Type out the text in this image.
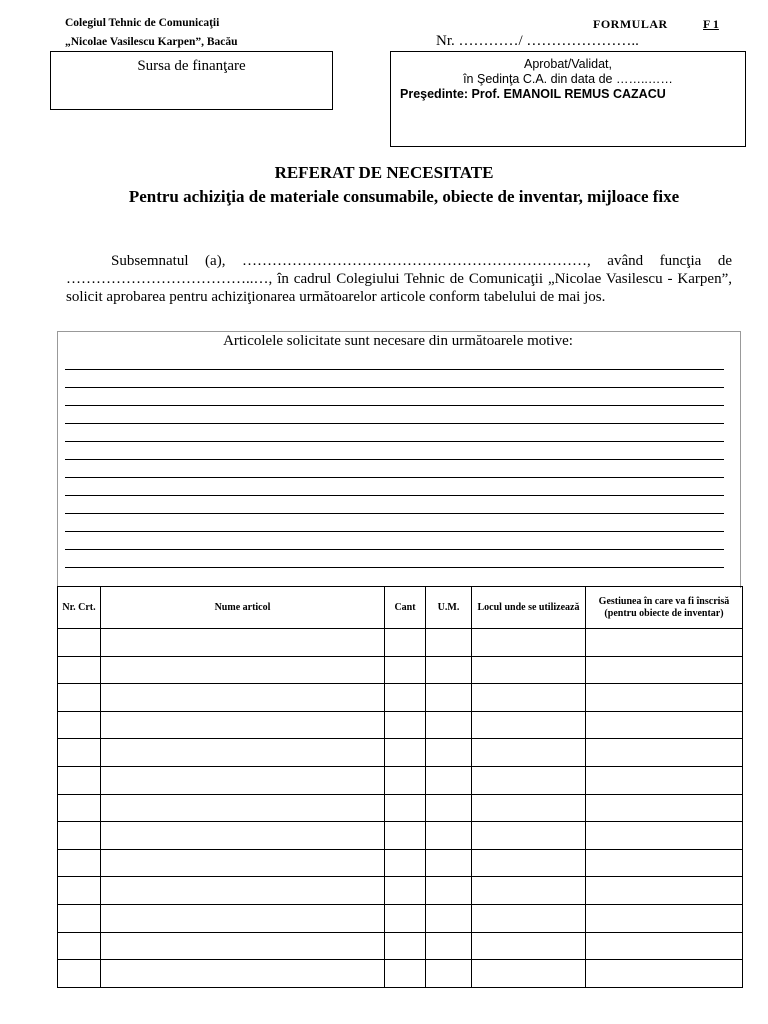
Colegiul Tehnic de Comunicaţii
„Nicolae Vasilescu Karpen”, Bacău
FORMULAR	F 1
Nr. …………/ …………………..
Sursa de finanţare	Aprobat/Validat,
în Şedinţa C.A. din data de ……..……
Preşedinte: Prof. EMANOIL REMUS CAZACU
REFERAT DE NECESITATE
Pentru achiziţia de materiale consumabile, obiecte de inventar, mijloace fixe
Subsemnatul (a), ……………………………………………………………, având funcţia de ………………………………..…, în cadrul Colegiului Tehnic de Comunicaţii „Nicolae Vasilescu - Karpen”, solicit aprobarea pentru achiziţionarea următoarelor articole conform tabelului de mai jos.
Articolele solicitate sunt necesare din următoarele motive:
Nr. Crt.	Nume articol	Cant	U.M.	Locul unde se utilizează	Gestiunea în care va fi înscrisă (pentru obiecte de inventar)
